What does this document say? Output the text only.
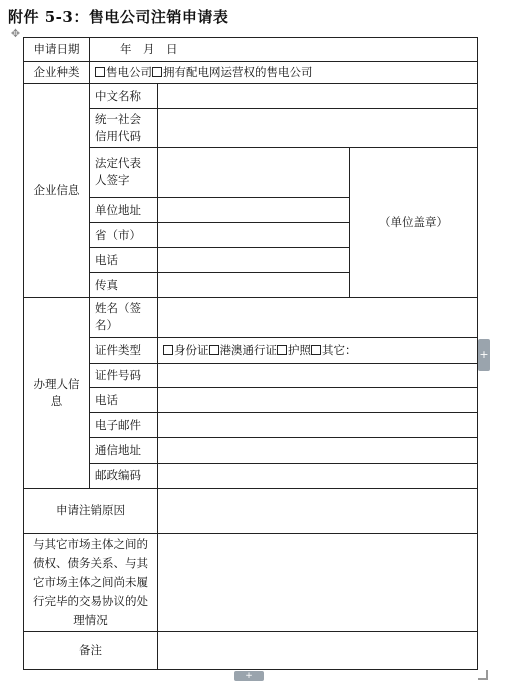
附件 5-3：售电公司注销申请表
✥
申请日期	年　月　日		
企业种类	售电公司 拥有配电网运营权的售电公司		
企业信息	中文名称		
	统一社会信用代码		
	法定代表人签字		（单位盖章）
	单位地址		
	省（市）		
	电话		
	传真		
办理人信息	姓名（签名）		
	证件类型	身份证 港澳通行证 护照 其它：	
	证件号码		
	电话		
	电子邮件		
	通信地址		
	邮政编码		
申请注销原因			
与其它市场主体之间的债权、债务关系、与其它市场主体之间尚未履行完毕的交易协议的处理情况			
备注			
+
+
